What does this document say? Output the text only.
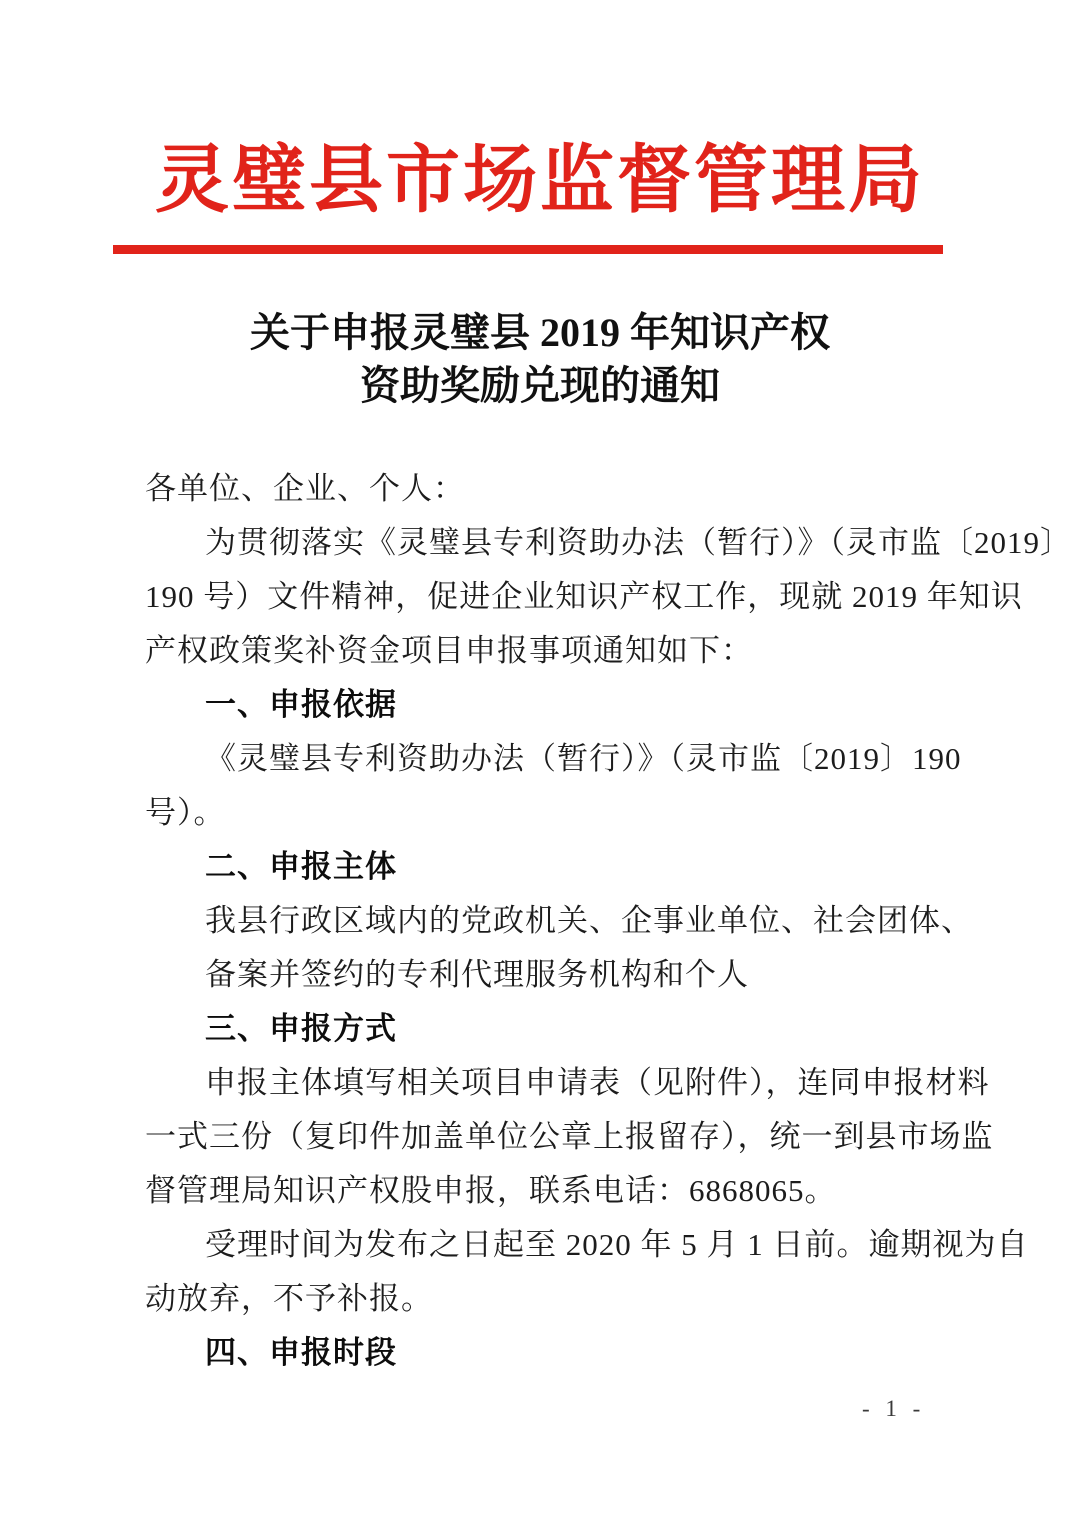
灵璧县市场监督管理局
关于申报灵璧县 2019 年知识产权
资助奖励兑现的通知
各单位、企业、个人：
为贯彻落实《灵璧县专利资助办法（暂行）》（灵市监〔2019〕
190 号）文件精神，促进企业知识产权工作，现就 2019 年知识
产权政策奖补资金项目申报事项通知如下：
一、申报依据
《灵璧县专利资助办法（暂行）》（灵市监〔2019〕190
号）。
二、申报主体
我县行政区域内的党政机关、企事业单位、社会团体、
备案并签约的专利代理服务机构和个人
三、申报方式
申报主体填写相关项目申请表（见附件），连同申报材料
一式三份（复印件加盖单位公章上报留存），统一到县市场监
督管理局知识产权股申报，联系电话：6868065。
受理时间为发布之日起至 2020 年 5 月 1 日前。逾期视为自
动放弃，不予补报。
四、申报时段
- 1 -
